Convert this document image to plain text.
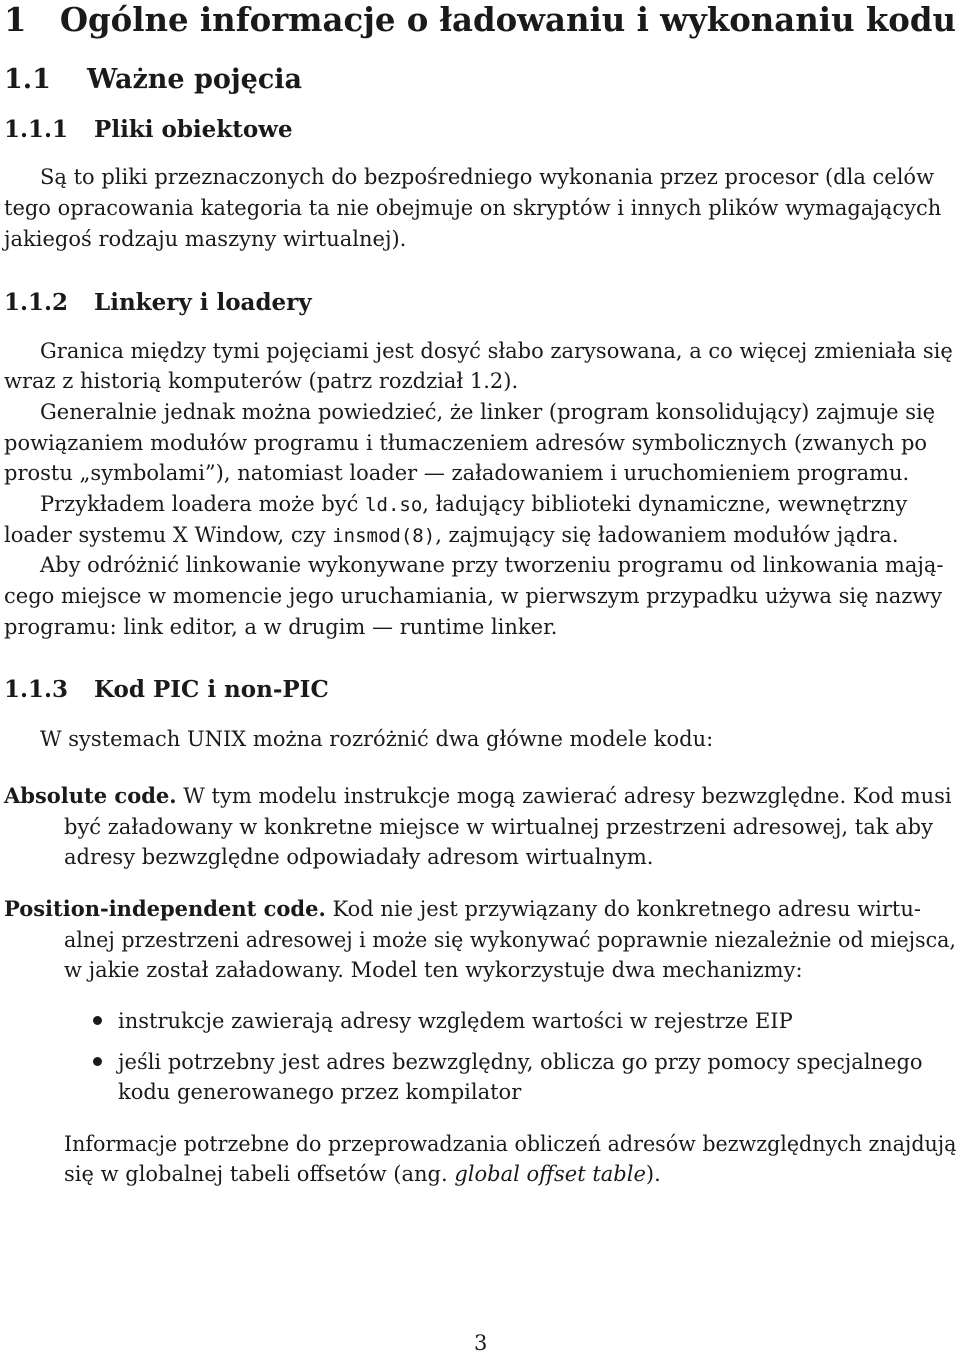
1 Ogólne informacje o ładowaniu i wykonaniu kodu
1.1 Ważne pojęcia
1.1.1 Pliki obiektowe
Są to pliki przeznaczonych do bezpośredniego wykonania przez procesor (dla celów
tego opracowania kategoria ta nie obejmuje on skryptów i innych plików wymagających
jakiegoś rodzaju maszyny wirtualnej).
1.1.2 Linkery i loadery
Granica między tymi pojęciami jest dosyć słabo zarysowana, a co więcej zmieniała się
wraz z historią komputerów (patrz rozdział 1.2).
Generalnie jednak można powiedzieć, że linker (program konsolidujący) zajmuje się
powiązaniem modułów programu i tłumaczeniem adresów symbolicznych (zwanych po
prostu „symbolami”), natomiast loader — załadowaniem i uruchomieniem programu.
Przykładem loadera może być ld.so, ładujący biblioteki dynamiczne, wewnętrzny
loader systemu X Window, czy insmod(8), zajmujący się ładowaniem modułów jądra.
Aby odróżnić linkowanie wykonywane przy tworzeniu programu od linkowania mają-
cego miejsce w momencie jego uruchamiania, w pierwszym przypadku używa się nazwy
programu: link editor, a w drugim — runtime linker.
1.1.3 Kod PIC i non-PIC
W systemach UNIX można rozróżnić dwa główne modele kodu:
Absolute code. W tym modelu instrukcje mogą zawierać adresy bezwzględne. Kod musi
być załadowany w konkretne miejsce w wirtualnej przestrzeni adresowej, tak aby
adresy bezwzględne odpowiadały adresom wirtualnym.
Position-independent code. Kod nie jest przywiązany do konkretnego adresu wirtu-
alnej przestrzeni adresowej i może się wykonywać poprawnie niezależnie od miejsca,
w jakie został załadowany. Model ten wykorzystuje dwa mechanizmy:
instrukcje zawierają adresy względem wartości w rejestrze EIP
jeśli potrzebny jest adres bezwzględny, oblicza go przy pomocy specjalnego
kodu generowanego przez kompilator
Informacje potrzebne do przeprowadzania obliczeń adresów bezwzględnych znajdują
się w globalnej tabeli offsetów (ang. global offset table).
3
